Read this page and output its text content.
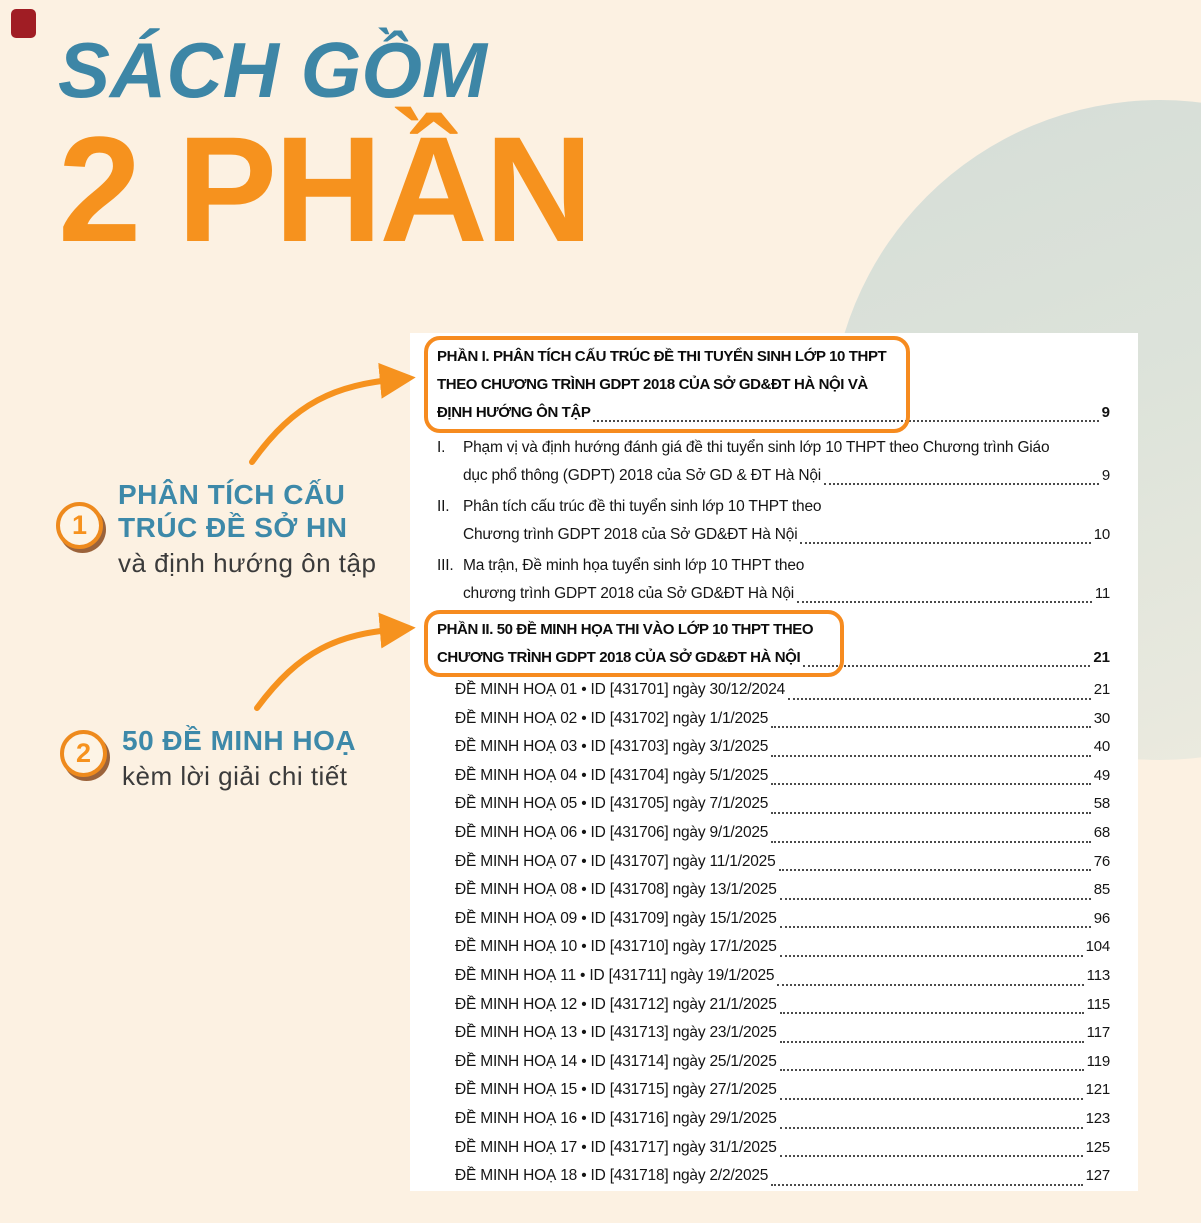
SÁCH GỒM
2 PHẦN
1
PHÂN TÍCH CẤU
TRÚC ĐỀ SỞ HN
và định hướng ôn tập
2	50 ĐỀ MINH HOẠ
kèm lời giải chi tiết
PHẦN I. PHÂN TÍCH CẤU TRÚC ĐỀ THI TUYỂN SINH LỚP 10 THPT
THEO CHƯƠNG TRÌNH GDPT 2018 CỦA SỞ GD&ĐT HÀ NỘI VÀ
ĐỊNH HƯỚNG ÔN TẬP	9
I.	Phạm vị và định hướng đánh giá đề thi tuyển sinh lớp 10 THPT theo Chương trình Giáo
dục phổ thông (GDPT) 2018 của Sở GD & ĐT Hà Nội	9
II. Phân tích cấu trúc đề thi tuyển sinh lớp 10 THPT theo
Chương trình GDPT 2018 của Sở GD&ĐT Hà Nội	10
III. Ma trận, Đề minh họa tuyển sinh lớp 10 THPT theo
chương trình GDPT 2018 của Sở GD&ĐT Hà Nội	11
PHẦN II. 50 ĐỀ MINH HỌA THI VÀO LỚP 10 THPT THEO
CHƯƠNG TRÌNH GDPT 2018 CỦA SỞ GD&ĐT HÀ NỘI	21
ĐỀ MINH HOẠ 01 • ID [431701] ngày 30/12/2024	21
ĐỀ MINH HOẠ 02 • ID [431702] ngày 1/1/2025	30
ĐỀ MINH HOẠ 03 • ID [431703] ngày 3/1/2025	40
ĐỀ MINH HOẠ 04 • ID [431704] ngày 5/1/2025	49
ĐỀ MINH HOẠ 05 • ID [431705] ngày 7/1/2025	58
ĐỀ MINH HOẠ 06 • ID [431706] ngày 9/1/2025	68
ĐỀ MINH HOẠ 07 • ID [431707] ngày 11/1/2025	76
ĐỀ MINH HOẠ 08 • ID [431708] ngày 13/1/2025	85
ĐỀ MINH HOẠ 09 • ID [431709] ngày 15/1/2025	96
ĐỀ MINH HOẠ 10 • ID [431710] ngày 17/1/2025	104
ĐỀ MINH HOẠ 11 • ID [431711] ngày 19/1/2025	113
ĐỀ MINH HOẠ 12 • ID [431712] ngày 21/1/2025	115
ĐỀ MINH HOẠ 13 • ID [431713] ngày 23/1/2025	117
ĐỀ MINH HOẠ 14 • ID [431714] ngày 25/1/2025	119
ĐỀ MINH HOẠ 15 • ID [431715] ngày 27/1/2025	121
ĐỀ MINH HOẠ 16 • ID [431716] ngày 29/1/2025	123
ĐỀ MINH HOẠ 17 • ID [431717] ngày 31/1/2025	125
ĐỀ MINH HOẠ 18 • ID [431718] ngày 2/2/2025	127
